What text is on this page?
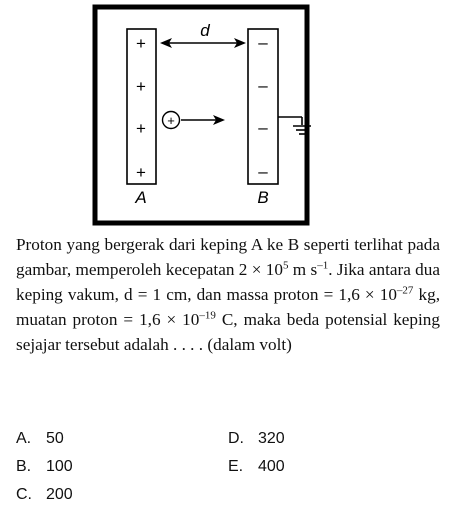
+
+
+
+
–
–
–
–
d
+
A	B

Proton yang bergerak dari keping A ke B seperti terlihat pada gambar, memperoleh kecepatan $2 \times 10^5$ m $s^{-1}$. Jika antara dua keping vakum, d = 1 cm, dan massa proton = $1,6 \times 10^{-27}$ kg, muatan proton = $1,6 \times 10^{-19}$ C, maka beda potensial keping sejajar tersebut adalah . . . . (dalam volt)

A. 50
B. 100
C. 200
D. 320
E. 400
